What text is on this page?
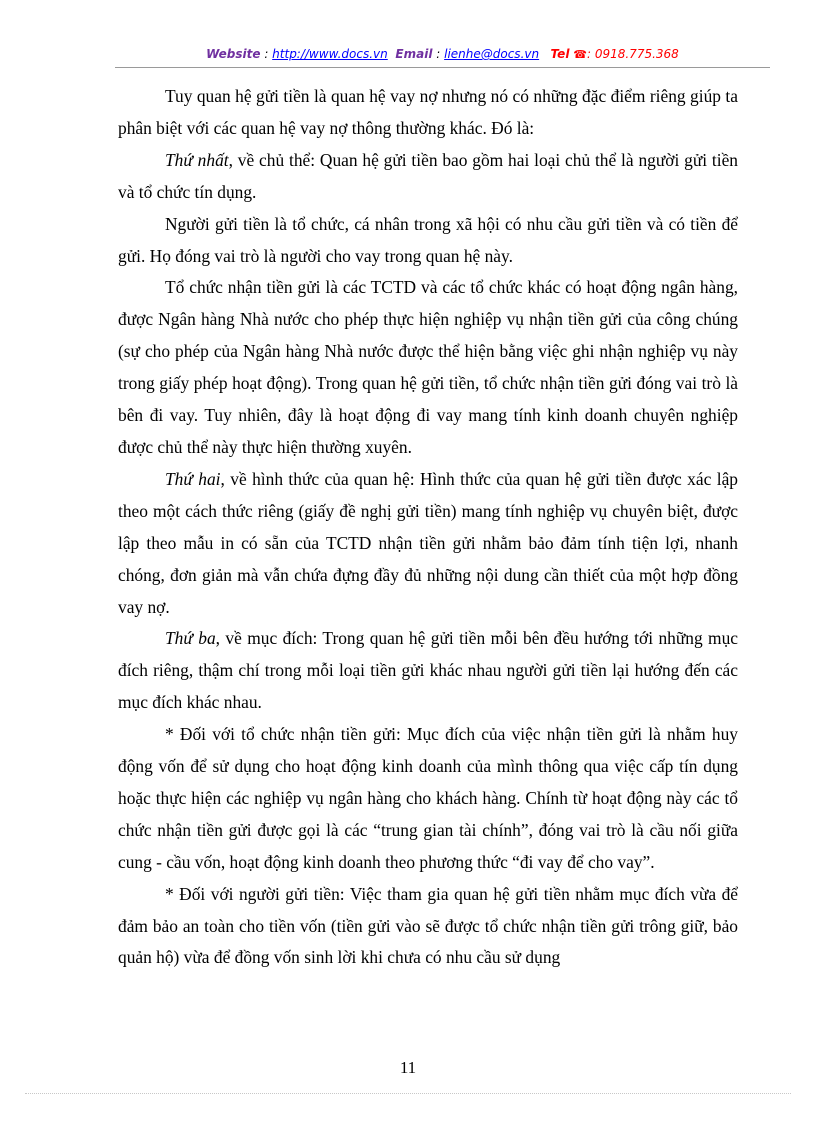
Website : http://www.docs.vn Email : lienhe@docs.vn Tel ☎: 0918.775.368

Tuy quan hệ gửi tiền là quan hệ vay nợ nhưng nó có những đặc điểm riêng giúp ta phân biệt với các quan hệ vay nợ thông thường khác. Đó là:

Thứ nhất, về chủ thể: Quan hệ gửi tiền bao gồm hai loại chủ thể là người gửi tiền và tổ chức tín dụng.

Người gửi tiền là tổ chức, cá nhân trong xã hội có nhu cầu gửi tiền và có tiền để gửi. Họ đóng vai trò là người cho vay trong quan hệ này.

Tổ chức nhận tiền gửi là các TCTD và các tổ chức khác có hoạt động ngân hàng, được Ngân hàng Nhà nước cho phép thực hiện nghiệp vụ nhận tiền gửi của công chúng (sự cho phép của Ngân hàng Nhà nước được thể hiện bằng việc ghi nhận nghiệp vụ này trong giấy phép hoạt động). Trong quan hệ gửi tiền, tổ chức nhận tiền gửi đóng vai trò là bên đi vay. Tuy nhiên, đây là hoạt động đi vay mang tính kinh doanh chuyên nghiệp được chủ thể này thực hiện thường xuyên.

Thứ hai, về hình thức của quan hệ: Hình thức của quan hệ gửi tiền được xác lập theo một cách thức riêng (giấy đề nghị gửi tiền) mang tính nghiệp vụ chuyên biệt, được lập theo mẫu in có sẵn của TCTD nhận tiền gửi nhằm bảo đảm tính tiện lợi, nhanh chóng, đơn giản mà vẫn chứa đựng đầy đủ những nội dung cần thiết của một hợp đồng vay nợ.

Thứ ba, về mục đích: Trong quan hệ gửi tiền mỗi bên đều hướng tới những mục đích riêng, thậm chí trong mỗi loại tiền gửi khác nhau người gửi tiền lại hướng đến các mục đích khác nhau.

* Đối với tổ chức nhận tiền gửi: Mục đích của việc nhận tiền gửi là nhằm huy động vốn để sử dụng cho hoạt động kinh doanh của mình thông qua việc cấp tín dụng hoặc thực hiện các nghiệp vụ ngân hàng cho khách hàng. Chính từ hoạt động này các tổ chức nhận tiền gửi được gọi là các “trung gian tài chính”, đóng vai trò là cầu nối giữa cung - cầu vốn, hoạt động kinh doanh theo phương thức “đi vay để cho vay”.

* Đối với người gửi tiền: Việc tham gia quan hệ gửi tiền nhằm mục đích vừa để đảm bảo an toàn cho tiền vốn (tiền gửi vào sẽ được tổ chức nhận tiền gửi trông giữ, bảo quản hộ) vừa để đồng vốn sinh lời khi chưa có nhu cầu sử dụng

11
